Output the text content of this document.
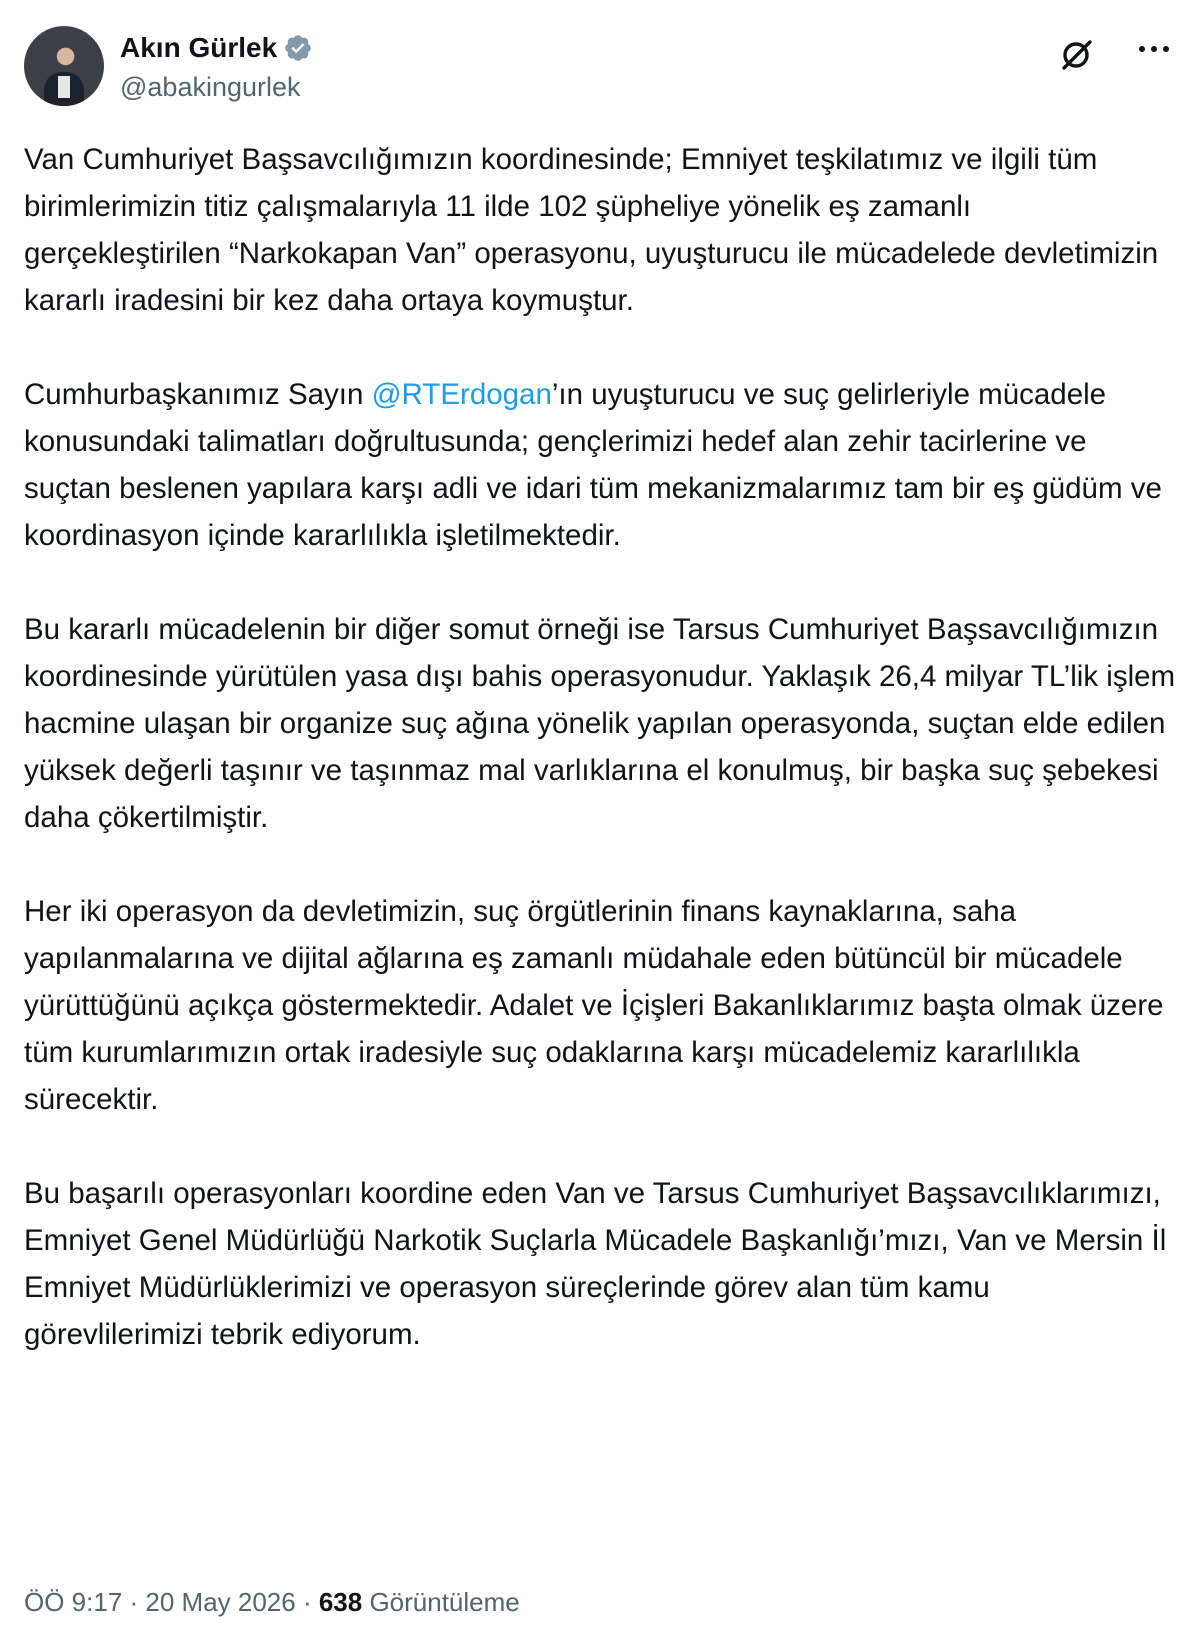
Akın Gürlek
@abakingurlek

Van Cumhuriyet Başsavcılığımızın koordinesinde; Emniyet teşkilatımız ve ilgili tüm birimlerimizin titiz çalışmalarıyla 11 ilde 102 şüpheliye yönelik eş zamanlı gerçekleştirilen “Narkokapan Van” operasyonu, uyuşturucu ile mücadelede devletimizin kararlı iradesini bir kez daha ortaya koymuştur.

Cumhurbaşkanımız Sayın @RTErdogan’ın uyuşturucu ve suç gelirleriyle mücadele konusundaki talimatları doğrultusunda; gençlerimizi hedef alan zehir tacirlerine ve suçtan beslenen yapılara karşı adli ve idari tüm mekanizmalarımız tam bir eş güdüm ve koordinasyon içinde kararlılıkla işletilmektedir.

Bu kararlı mücadelenin bir diğer somut örneği ise Tarsus Cumhuriyet Başsavcılığımızın koordinesinde yürütülen yasa dışı bahis operasyonudur. Yaklaşık 26,4 milyar TL’lik işlem hacmine ulaşan bir organize suç ağına yönelik yapılan operasyonda, suçtan elde edilen yüksek değerli taşınır ve taşınmaz mal varlıklarına el konulmuş, bir başka suç şebekesi daha çökertilmiştir.

Her iki operasyon da devletimizin, suç örgütlerinin finans kaynaklarına, saha yapılanmalarına ve dijital ağlarına eş zamanlı müdahale eden bütüncül bir mücadele yürüttüğünü açıkça göstermektedir. Adalet ve İçişleri Bakanlıklarımız başta olmak üzere tüm kurumlarımızın ortak iradesiyle suç odaklarına karşı mücadelemiz kararlılıkla sürecektir.

Bu başarılı operasyonları koordine eden Van ve Tarsus Cumhuriyet Başsavcılıklarımızı, Emniyet Genel Müdürlüğü Narkotik Suçlarla Mücadele Başkanlığı’mızı, Van ve Mersin İl Emniyet Müdürlüklerimizi ve operasyon süreçlerinde görev alan tüm kamu görevlilerimizi tebrik ediyorum.

ÖÖ 9:17 · 20 May 2026 · 638 Görüntüleme
